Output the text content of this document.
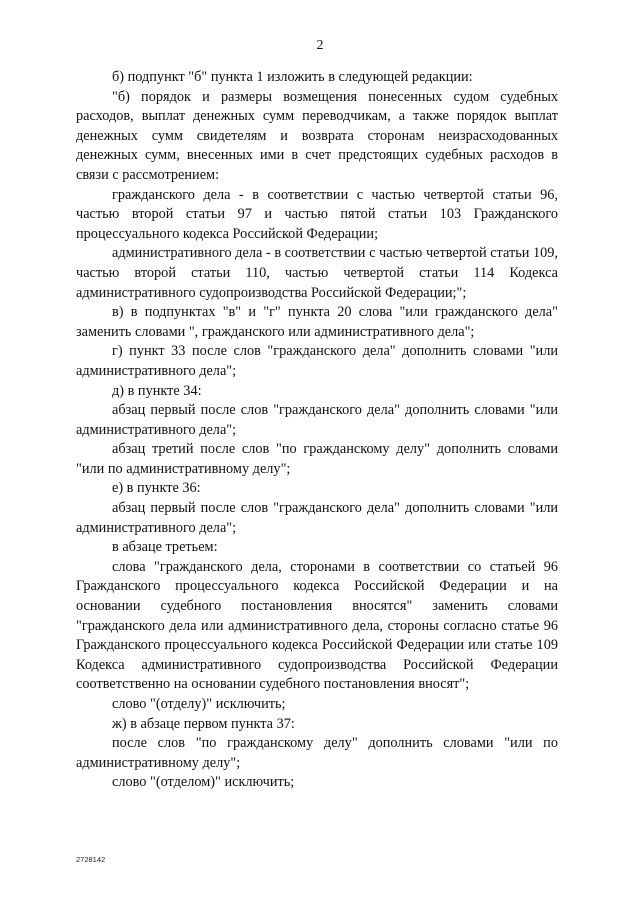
2

б) подпункт "б" пункта 1 изложить в следующей редакции:

"б) порядок и размеры возмещения понесенных судом судебных расходов, выплат денежных сумм переводчикам, а также порядок выплат денежных сумм свидетелям и возврата сторонам неизрасходованных денежных сумм, внесенных ими в счет предстоящих судебных расходов в связи с рассмотрением:

гражданского дела - в соответствии с частью четвертой статьи 96, частью второй статьи 97 и частью пятой статьи 103 Гражданского процессуального кодекса Российской Федерации;

административного дела - в соответствии с частью четвертой статьи 109, частью второй статьи 110, частью четвертой статьи 114 Кодекса административного судопроизводства Российской Федерации;";

в) в подпунктах "в" и "г" пункта 20 слова "или гражданского дела" заменить словами ", гражданского или административного дела";

г) пункт 33 после слов "гражданского дела" дополнить словами "или административного дела";

д) в пункте 34:

абзац первый после слов "гражданского дела" дополнить словами "или административного дела";

абзац третий после слов "по гражданскому делу" дополнить словами "или по административному делу";

е) в пункте 36:

абзац первый после слов "гражданского дела" дополнить словами "или административного дела";

в абзаце третьем:

слова "гражданского дела, сторонами в соответствии со статьей 96 Гражданского процессуального кодекса Российской Федерации и на основании судебного постановления вносятся" заменить словами "гражданского дела или административного дела, стороны согласно статье 96 Гражданского процессуального кодекса Российской Федерации или статье 109 Кодекса административного судопроизводства Российской Федерации соответственно на основании судебного постановления вносят";

слово "(отделу)" исключить;

ж) в абзаце первом пункта 37:

после слов "по гражданскому делу" дополнить словами "или по административному делу";

слово "(отделом)" исключить;

2728142
